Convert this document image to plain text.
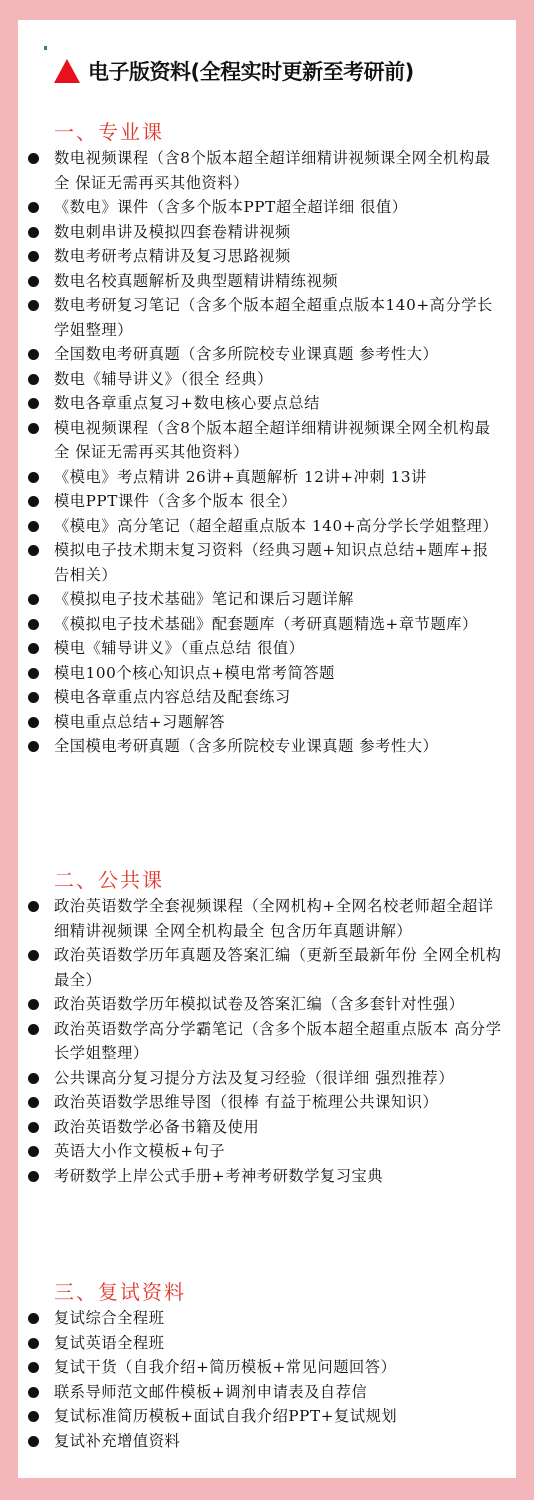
电子版资料(全程实时更新至考研前)
一、专业课
数电视频课程（含8个版本超全超详细精讲视频课全网全机构最全 保证无需再买其他资料）
《数电》课件（含多个版本PPT超全超详细 很值）
数电刺串讲及模拟四套卷精讲视频
数电考研考点精讲及复习思路视频
数电名校真题解析及典型题精讲精练视频
数电考研复习笔记（含多个版本超全超重点版本140+高分学长学姐整理）
全国数电考研真题（含多所院校专业课真题 参考性大）
数电《辅导讲义》（很全 经典）
数电各章重点复习+数电核心要点总结
模电视频课程（含8个版本超全超详细精讲视频课全网全机构最全 保证无需再买其他资料）
《模电》考点精讲 26讲+真题解析 12讲+冲刺 13讲
模电PPT课件（含多个版本 很全）
《模电》高分笔记（超全超重点版本 140+高分学长学姐整理）
模拟电子技术期末复习资料（经典习题+知识点总结+题库+报告相关）
《模拟电子技术基础》笔记和课后习题详解
《模拟电子技术基础》配套题库（考研真题精选+章节题库）
模电《辅导讲义》（重点总结 很值）
模电100个核心知识点+模电常考简答题
模电各章重点内容总结及配套练习
模电重点总结+习题解答
全国模电考研真题（含多所院校专业课真题 参考性大）
二、公共课
政治英语数学全套视频课程（全网机构+全网名校老师超全超详细精讲视频课 全网全机构最全 包含历年真题讲解）
政治英语数学历年真题及答案汇编（更新至最新年份 全网全机构最全）
政治英语数学历年模拟试卷及答案汇编（含多套针对性强）
政治英语数学高分学霸笔记（含多个版本超全超重点版本 高分学长学姐整理）
公共课高分复习提分方法及复习经验（很详细 强烈推荐）
政治英语数学思维导图（很棒 有益于梳理公共课知识）
政治英语数学必备书籍及使用
英语大小作文模板+句子
考研数学上岸公式手册+考神考研数学复习宝典
三、复试资料
复试综合全程班
复试英语全程班
复试干货（自我介绍+简历模板+常见问题回答）
联系导师范文邮件模板+调剂申请表及自荐信
复试标准简历模板+面试自我介绍PPT+复试规划
复试补充增值资料
